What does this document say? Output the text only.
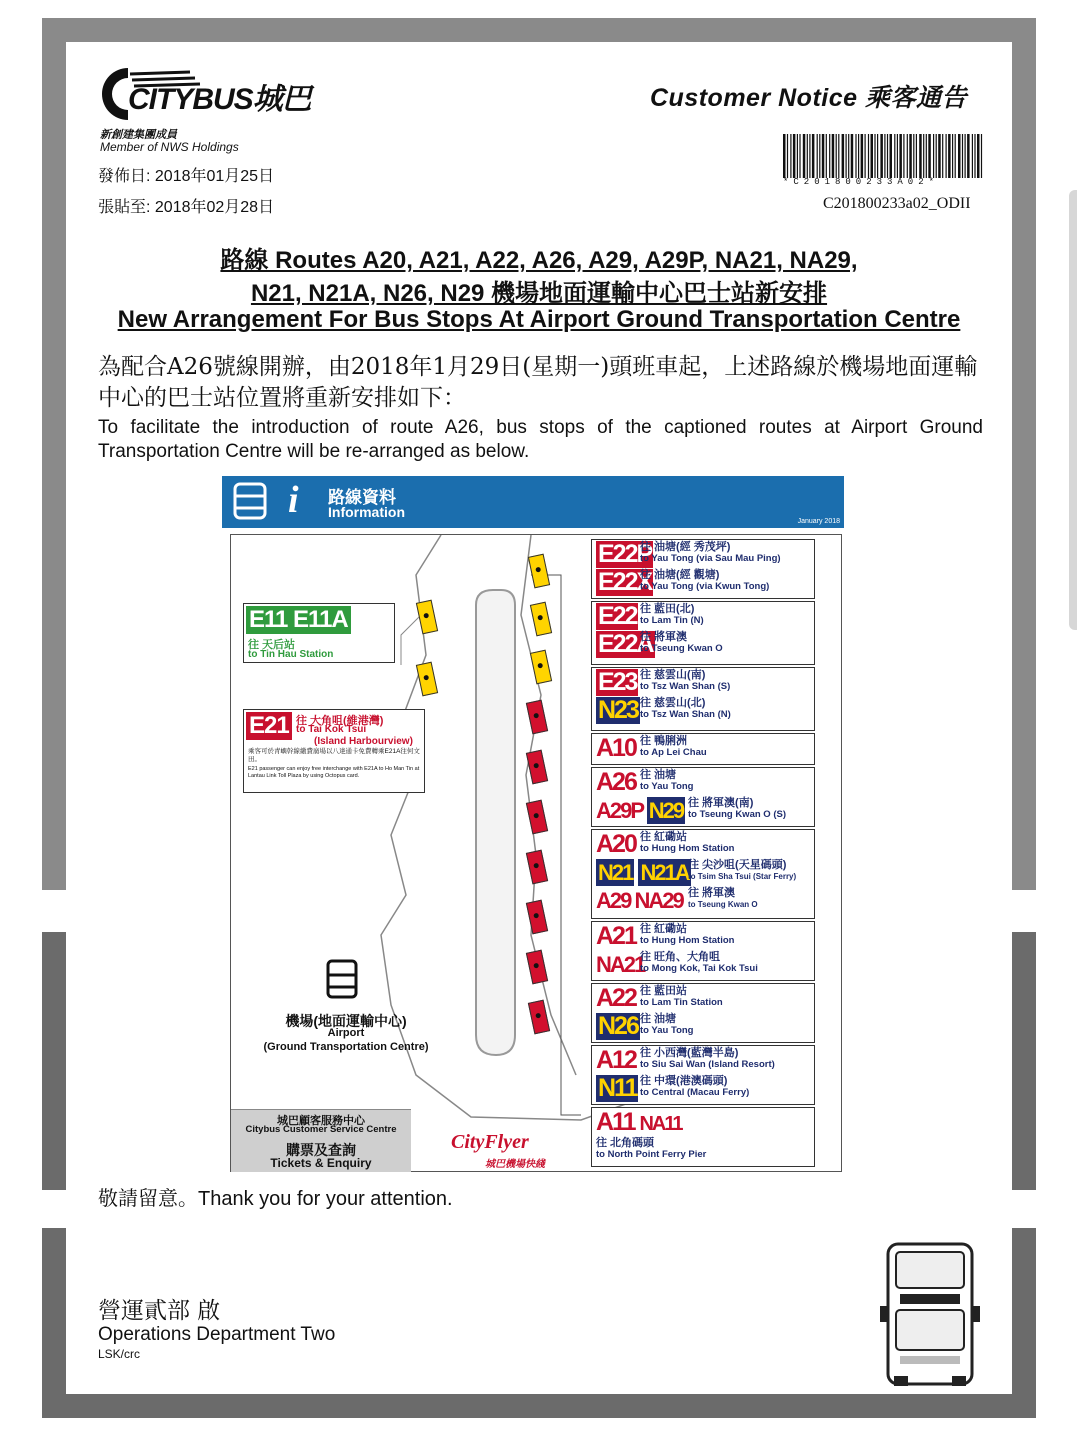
CITYBUS城巴
新創建集團成員
Member of NWS Holdings
發佈日: 2018年01月25日
張貼至: 2018年02月28日
Customer Notice 乘客通告
*C201800233A02*
C201800233a02_ODII
路線 Routes A20, A21, A22, A26, A29, A29P, NA21, NA29,
N21, N21A, N26, N29 機場地面運輸中心巴士站新安排
New Arrangement For Bus Stops At Airport Ground Transportation Centre
為配合A26號線開辦，由2018年1月29日(星期一)頭班車起，上述路線於機場地面運輸中心的巴士站位置將重新安排如下：
To facilitate the introduction of route A26, bus stops of the captioned routes at Airport Ground Transportation Centre will be re-arranged as below.
i 路線資料
Information
January 2018
E11 E11A
往 天后站
to Tin Hau Station
E21 往 大角咀(維港灣)
to Tai Kok Tsui
(Island Harbourview)
乘客可於青嶼幹線繳費廣場以八達通卡免費轉乘E21A往何文田。
E21 passenger can enjoy free interchange with E21A to Ho Man Tin at Lantau Link Toll Plaza by using Octopus card.
機場(地面運輸中心)
Airport
(Ground Transportation Centre)
城巴顧客服務中心
Citybus Customer Service Centre
購票及查詢
Tickets & Enquiry
CityFlyer
城巴機場快綫
E22P
往 油塘(經 秀茂坪)
to Yau Tong (via Sau Mau Ping)
E22X
往 油塘(經 觀塘)
to Yau Tong (via Kwun Tong)
E22 往 藍田(北)
to Lam Tin (N)
E22A
往 將軍澳
to Tseung Kwan O
E23 往 慈雲山(南)
to Tsz Wan Shan (S)
N23 往 慈雲山(北)
to Tsz Wan Shan (N)
A10 往 鴨脷洲
to Ap Lei Chau
A26 往 油塘
to Yau Tong
A29P N29 往 將軍澳(南)
to Tseung Kwan O (S)
A20 往 紅磡站
to Hung Hom Station
N21 N21A 往 尖沙咀(天星碼頭)
to Tsim Sha Tsui (Star Ferry)
A29 NA29 往 將軍澳
to Tseung Kwan O
A21 往 紅磡站
to Hung Hom Station
NA21
往 旺角、大角咀
to Mong Kok, Tai Kok Tsui
A22 往 藍田站
to Lam Tin Station
N26 往 油塘
to Yau Tong
A12 往 小西灣(藍灣半島)
to Siu Sai Wan (Island Resort)
N11 往 中環(港澳碼頭)
to Central (Macau Ferry)
A11 NA11
往 北角碼頭
to North Point Ferry Pier
敬請留意。Thank you for your attention.
營運貳部 啟
Operations Department Two
LSK/crc
